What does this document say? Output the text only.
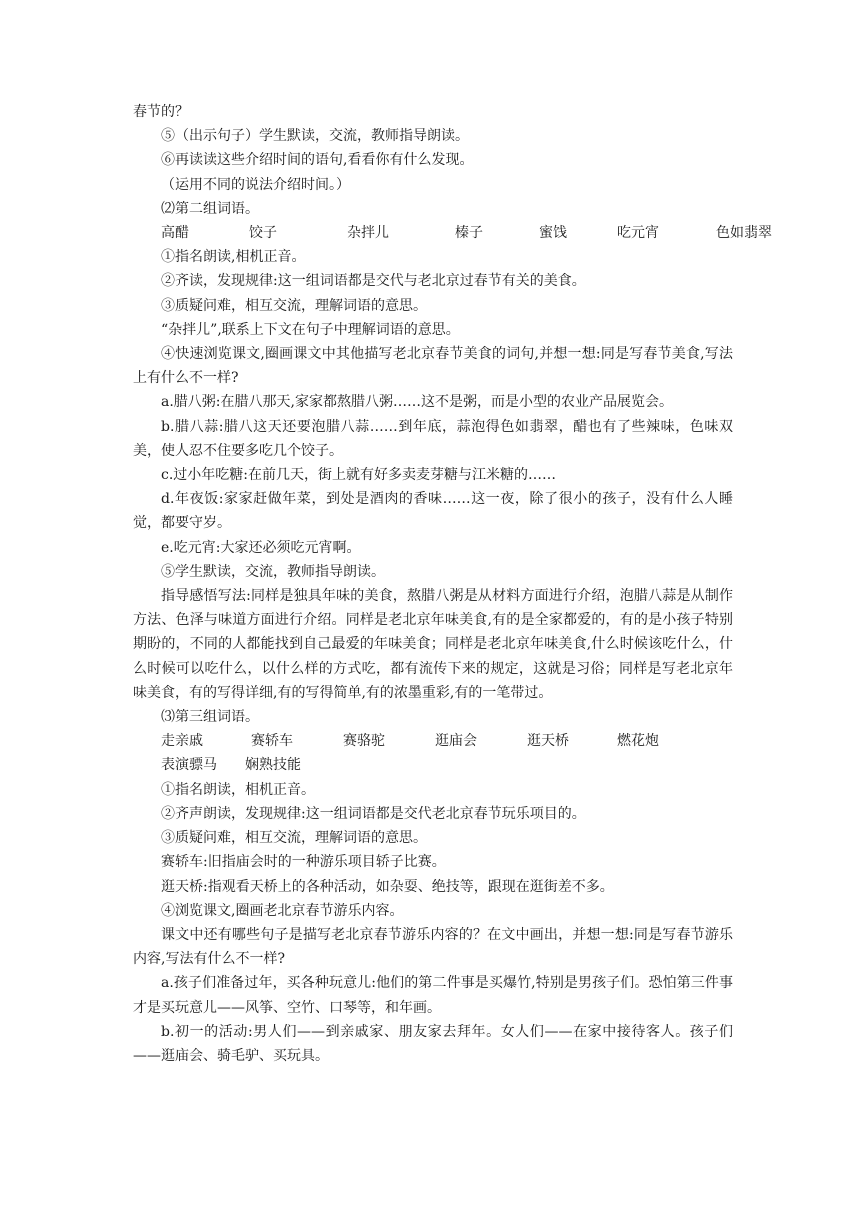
春节的？

⑤（出示句子）学生默读，交流，教师指导朗读。

⑥再读读这些介绍时间的语句,看看你有什么发现。

（运用不同的说法介绍时间。）

⑵第二组词语。

高醋	饺子	杂拌儿	榛子	蜜饯	吃元宵	色如翡翠

①指名朗读,相机正音。

②齐读，发现规律:这一组词语都是交代与老北京过春节有关的美食。

③质疑问难，相互交流，理解词语的意思。

“杂拌儿”,联系上下文在句子中理解词语的意思。

④快速浏览课文,圈画课文中其他描写老北京春节美食的词句,并想一想:同是写春节美食,写法上有什么不一样?

a.腊八粥:在腊八那天,家家都熬腊八粥……这不是粥，而是小型的农业产品展览会。

b.腊八蒜:腊八这天还要泡腊八蒜……到年底，蒜泡得色如翡翠，醋也有了些辣味，色味双美，使人忍不住要多吃几个饺子。

c.过小年吃糖:在前几天，街上就有好多卖麦芽糖与江米糖的……

d.年夜饭:家家赶做年菜，到处是酒肉的香味……这一夜，除了很小的孩子，没有什么人睡觉，都要守岁。

e.吃元宵:大家还必须吃元宵啊。

⑤学生默读，交流，教师指导朗读。

指导感悟写法:同样是独具年味的美食，熬腊八粥是从材料方面进行介绍，泡腊八蒜是从制作方法、色泽与味道方面进行介绍。同样是老北京年味美食,有的是全家都爱的，有的是小孩子特别期盼的，不同的人都能找到自己最爱的年味美食；同样是老北京年味美食,什么时候该吃什么，什么时候可以吃什么，以什么样的方式吃，都有流传下来的规定，这就是习俗；同样是写老北京年味美食，有的写得详细,有的写得简单,有的浓墨重彩,有的一笔带过。

⑶第三组词语。

走亲戚	赛轿车	赛骆驼	逛庙会	逛天桥	燃花炮

表演骠马 娴熟技能

①指名朗读，相机正音。

②齐声朗读，发现规律:这一组词语都是交代老北京春节玩乐项目的。

③质疑问难，相互交流，理解词语的意思。

赛轿车:旧指庙会时的一种游乐项目轿子比赛。

逛天桥:指观看天桥上的各种活动，如杂耍、绝技等，跟现在逛街差不多。

④浏览课文,圈画老北京春节游乐内容。

课文中还有哪些句子是描写老北京春节游乐内容的？在文中画出，并想一想:同是写春节游乐内容,写法有什么不一样?

a.孩子们准备过年，买各种玩意儿:他们的第二件事是买爆竹,特别是男孩子们。恐怕第三件事才是买玩意儿——风筝、空竹、口琴等，和年画。

b.初一的活动:男人们——到亲戚家、朋友家去拜年。女人们——在家中接待客人。孩子们——逛庙会、骑毛驴、买玩具。
